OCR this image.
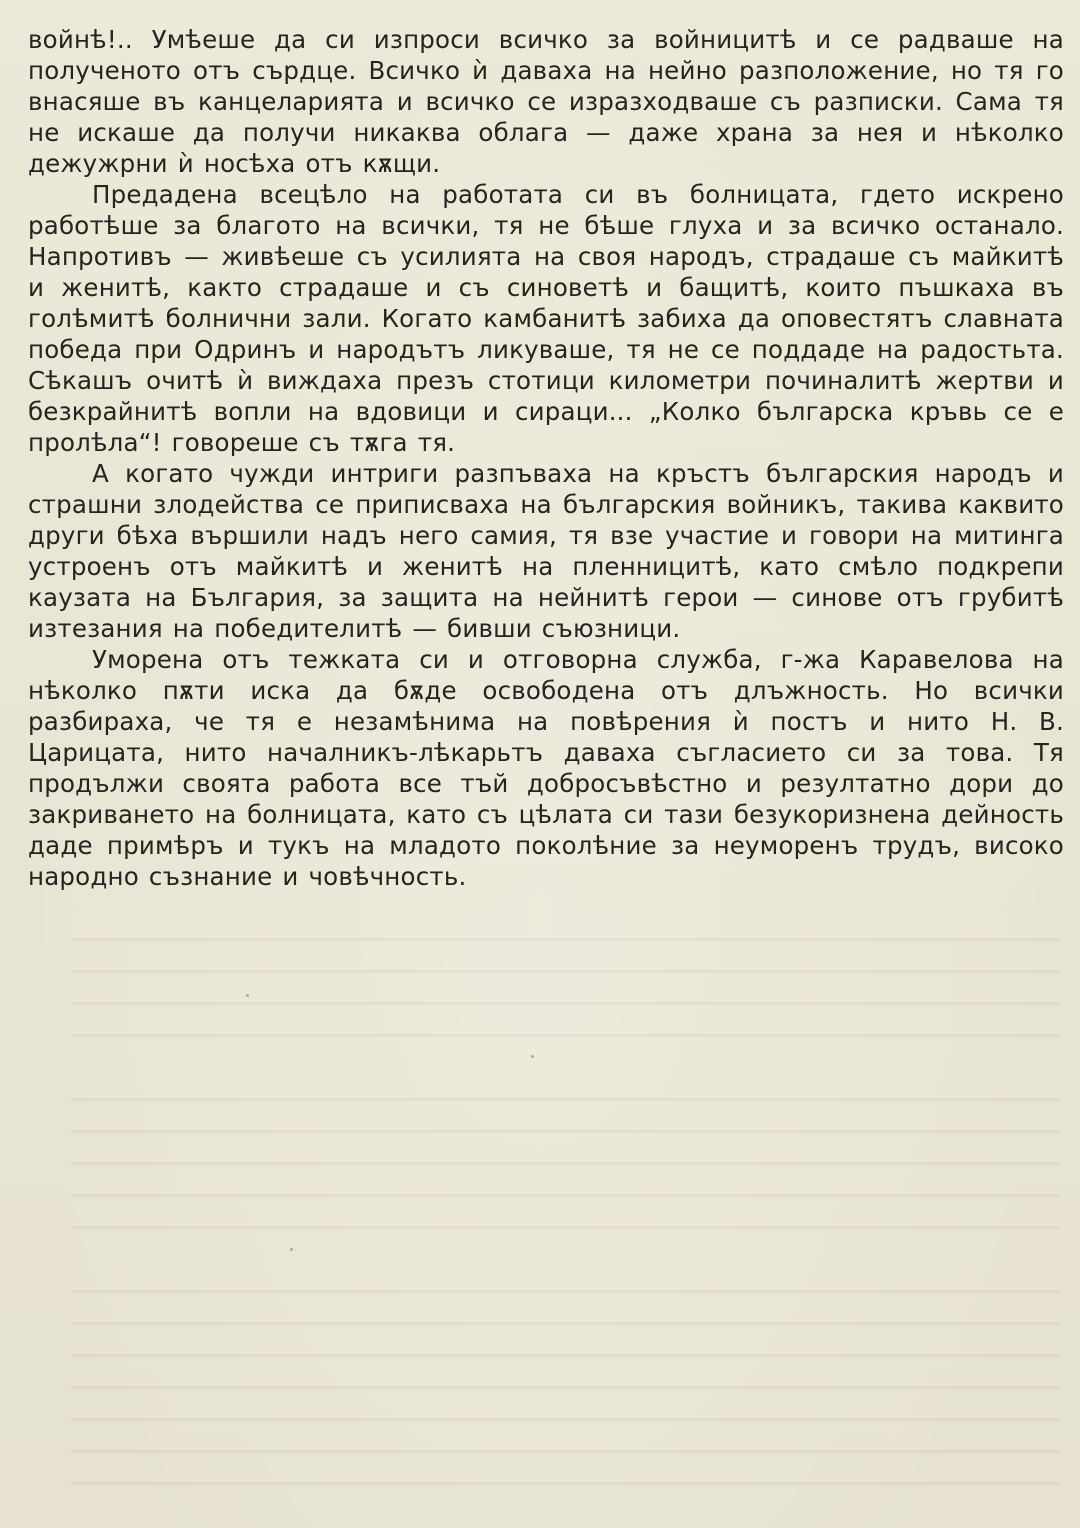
войнѣ!.. Умѣеше да си изпроси всичко за войницитѣ и се радваше на полученото отъ сърдце. Всичко ѝ даваха на нейно разположение, но тя го внасяше въ канцеларията и всичко се изразходваше съ разписки. Сама тя не искаше да получи никаква облага — даже храна за нея и нѣколко дежужрни ѝ носѣха отъ кѫщи.

Предадена всецѣло на работата си въ болницата, гдето искрено работѣше за благото на всички, тя не бѣше глуха и за всичко останало. Напротивъ — живѣеше съ усилията на своя народъ, страдаше съ майкитѣ и женитѣ, както страдаше и съ синоветѣ и бащитѣ, които пъшкаха въ голѣмитѣ болнични зали. Когато камбанитѣ забиха да оповестятъ славната победа при Одринъ и народътъ ликуваше, тя не се поддаде на радостьта. Сѣкашъ очитѣ ѝ виждаха презъ стотици километри починалитѣ жертви и безкрайнитѣ вопли на вдовици и сираци... „Колко българска кръвь се е пролѣла“! говореше съ тѫга тя.

А когато чужди интриги разпъваха на кръстъ българския народъ и страшни злодейства се приписваха на българския войникъ, такива каквито други бѣха вършили надъ него самия, тя взе участие и говори на митинга устроенъ отъ майкитѣ и женитѣ на пленницитѣ, като смѣло подкрепи каузата на България, за защита на нейнитѣ герои — синове отъ грубитѣ изтезания на победителитѣ — бивши съюзници.

Уморена отъ тежката си и отговорна служба, г-жа Каравелова на нѣколко пѫти иска да бѫде освободена отъ длъжность. Но всички разбираха, че тя е незамѣнима на повѣрения ѝ постъ и нито Н. В. Царицата, нито началникъ-лѣкарьтъ даваха съгласието си за това. Тя продължи своята работа все тъй добросъвѣстно и резултатно дори до закриването на болницата, като съ цѣлата си тази безукоризнена дейность даде примѣръ и тукъ на младото поколѣние за неуморенъ трудъ, високо народно съзнание и човѣчность.
